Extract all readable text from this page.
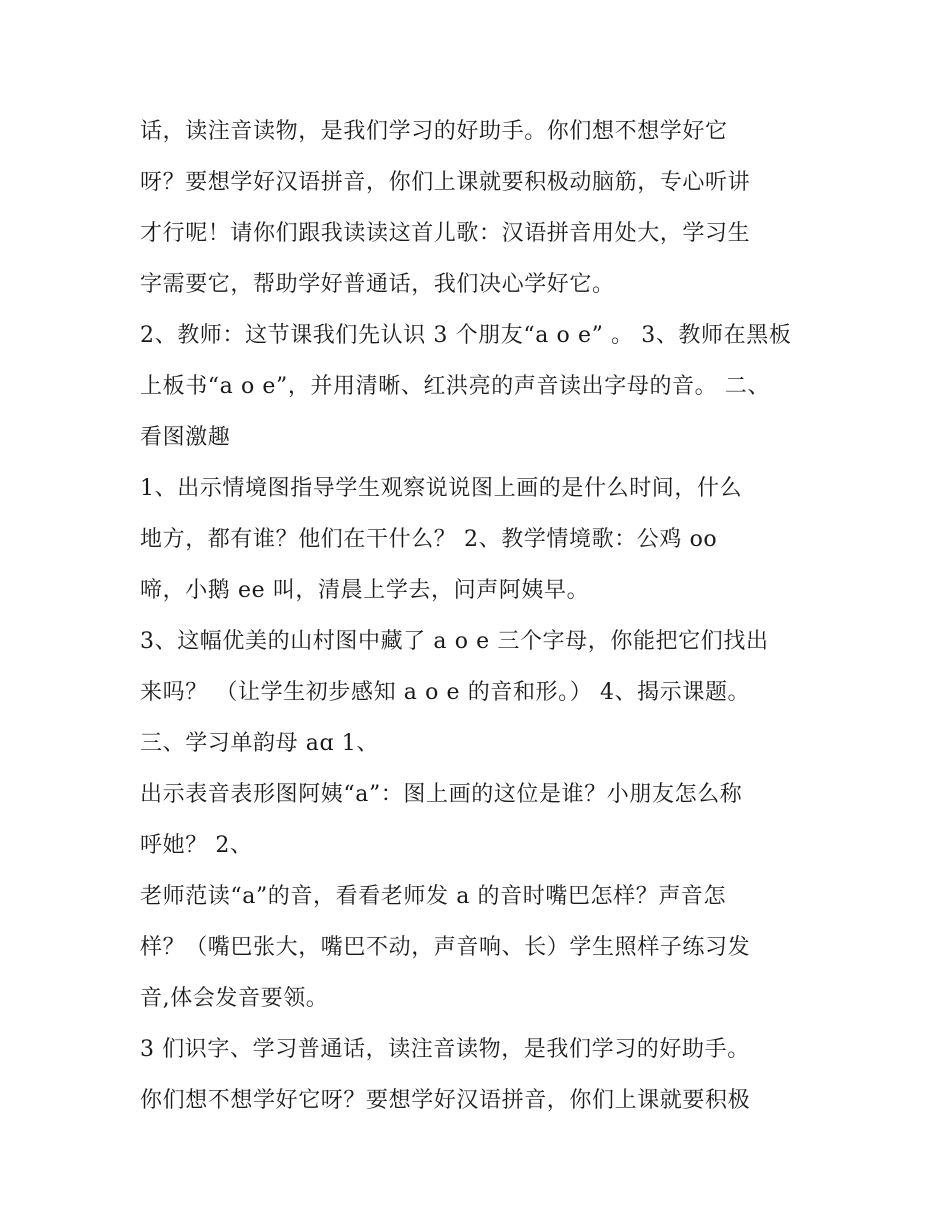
话，读注音读物，是我们学习的好助手。你们想不想学好它
呀？要想学好汉语拼音，你们上课就要积极动脑筋，专心听讲
才行呢！请你们跟我读读这首儿歌：汉语拼音用处大，学习生
字需要它，帮助学好普通话，我们决心学好它。
2、教师：这节课我们先认识 3 个朋友“a o e” 。 3、教师在黑板
上板书“a o e”，并用清晰、红洪亮的声音读出字母的音。 二、
看图激趣
1、出示情境图指导学生观察说说图上画的是什么时间，什么
地方，都有谁？他们在干什么？ 2、教学情境歌：公鸡 oo
啼，小鹅 ee 叫，清晨上学去，问声阿姨早。
3、这幅优美的山村图中藏了 a o e 三个字母，你能把它们找出
来吗？ （让学生初步感知 a o e 的音和形。） 4、揭示课题。
三、学习单韵母 aɑ 1、
出示表音表形图阿姨“a”：图上画的这位是谁？小朋友怎么称
呼她？ 2、
老师范读“a”的音，看看老师发 a 的音时嘴巴怎样？声音怎
样？（嘴巴张大，嘴巴不动，声音响、长）学生照样子练习发
音,体会发音要领。
3 们识字、学习普通话，读注音读物，是我们学习的好助手。
你们想不想学好它呀？要想学好汉语拼音，你们上课就要积极
